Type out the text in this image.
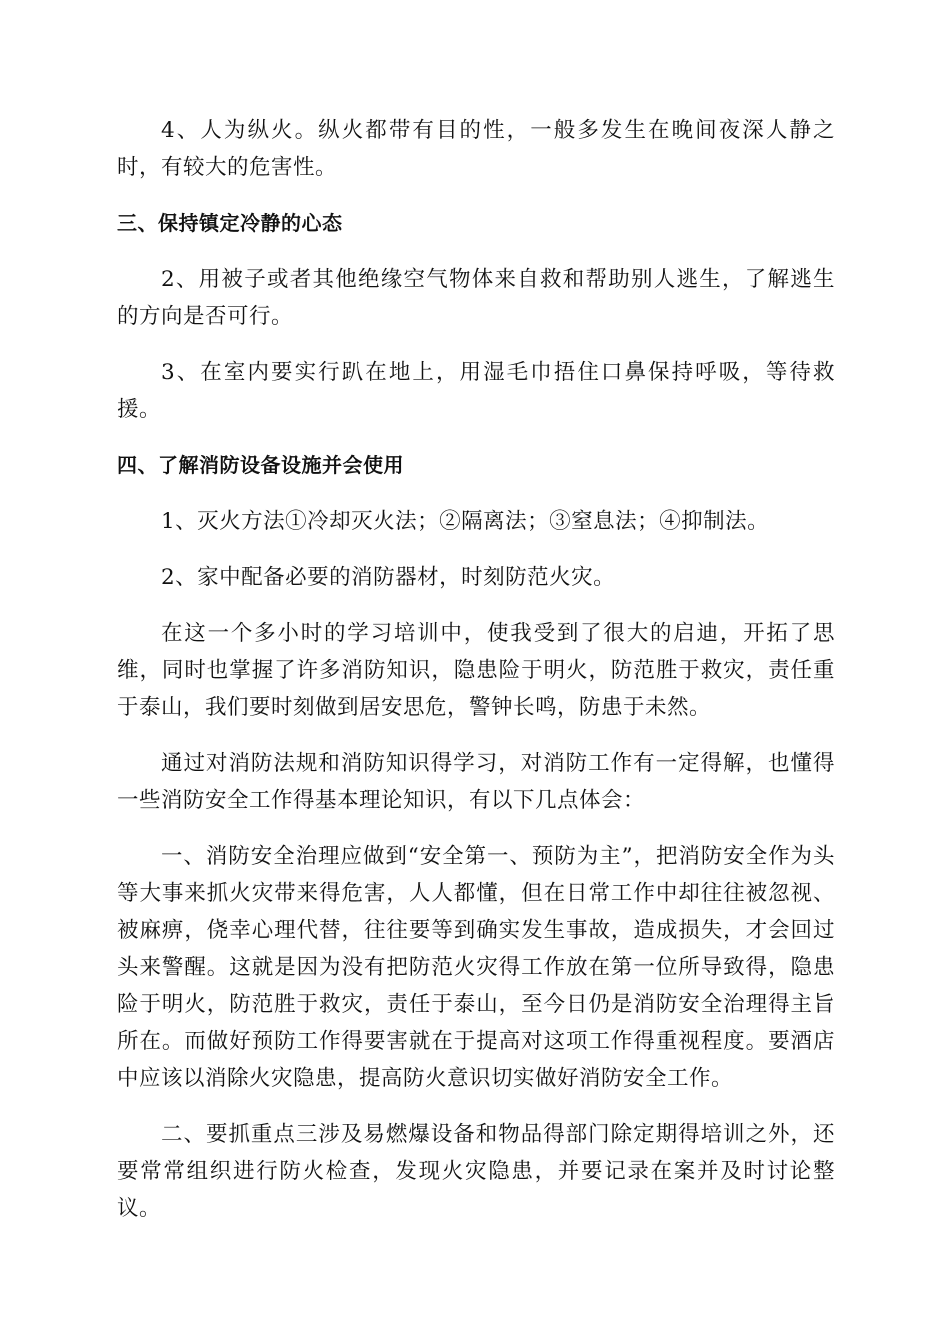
4、人为纵火。纵火都带有目的性，一般多发生在晚间夜深人静之时，有较大的危害性。

三、保持镇定冷静的心态

2、用被子或者其他绝缘空气物体来自救和帮助别人逃生，了解逃生的方向是否可行。

3、在室内要实行趴在地上，用湿毛巾捂住口鼻保持呼吸，等待救援。

四、了解消防设备设施并会使用

1、灭火方法①冷却灭火法；②隔离法；③窒息法；④抑制法。

2、家中配备必要的消防器材，时刻防范火灾。

在这一个多小时的学习培训中，使我受到了很大的启迪，开拓了思维，同时也掌握了许多消防知识，隐患险于明火，防范胜于救灾，责任重于泰山，我们要时刻做到居安思危，警钟长鸣，防患于未然。

通过对消防法规和消防知识得学习，对消防工作有一定得解，也懂得一些消防安全工作得基本理论知识，有以下几点体会：

一、消防安全治理应做到“安全第一、预防为主”，把消防安全作为头等大事来抓火灾带来得危害，人人都懂，但在日常工作中却往往被忽视、被麻痹，侥幸心理代替，往往要等到确实发生事故，造成损失，才会回过头来警醒。这就是因为没有把防范火灾得工作放在第一位所导致得，隐患险于明火，防范胜于救灾，责任于泰山，至今日仍是消防安全治理得主旨所在。而做好预防工作得要害就在于提高对这项工作得重视程度。要酒店中应该以消除火灾隐患，提高防火意识切实做好消防安全工作。

二、要抓重点三涉及易燃爆设备和物品得部门除定期得培训之外，还要常常组织进行防火检查，发现火灾隐患，并要记录在案并及时讨论整议。
